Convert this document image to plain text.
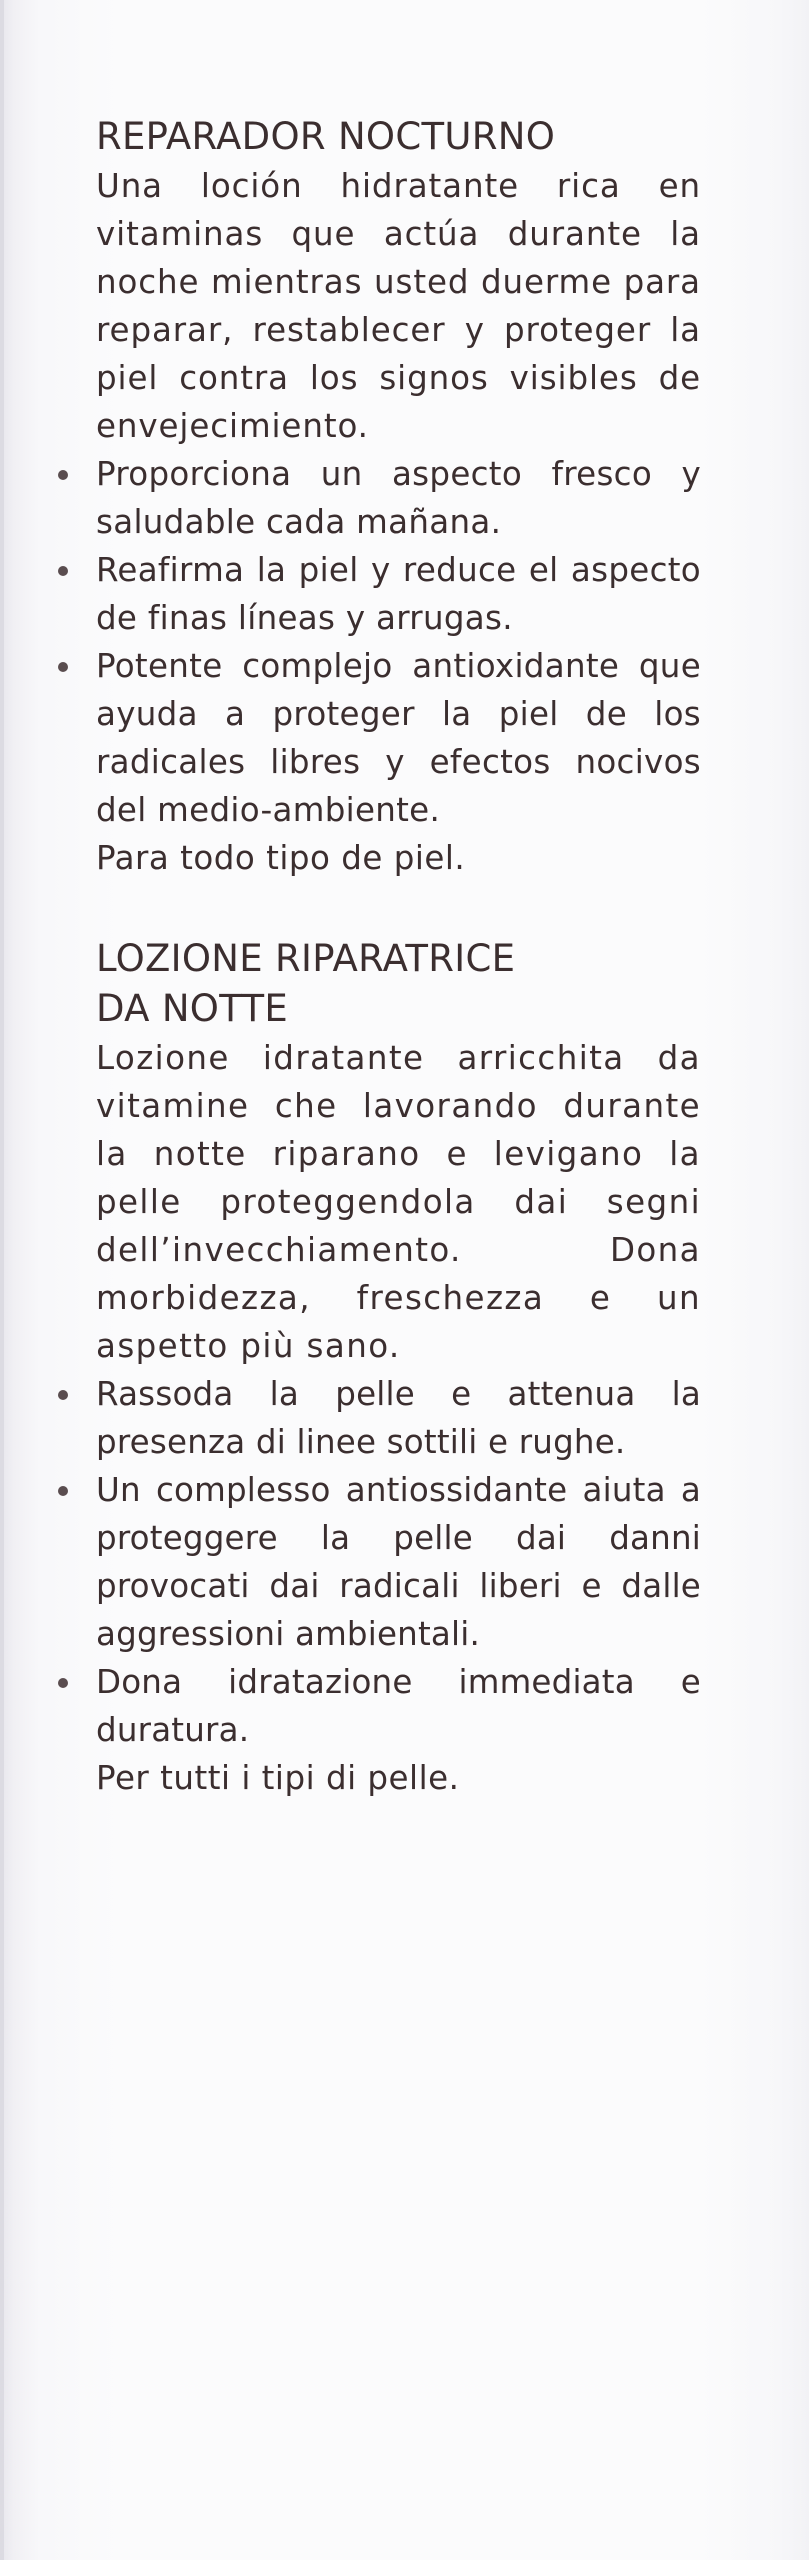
REPARADOR NOCTURNO

Una loción hidratante rica en vitaminas que actúa durante la noche mientras usted duerme para reparar, restablecer y proteger la piel contra los signos visibles de envejecimiento.

Proporciona un aspecto fresco y saludable cada mañana.
Reafirma la piel y reduce el aspecto de finas líneas y arrugas.
Potente complejo antioxidante que ayuda a proteger la piel de los radicales libres y efectos nocivos del medio-ambiente.

Para todo tipo de piel.

LOZIONE RIPARATRICE
DA NOTTE

Lozione idratante arricchita da vitamine che lavorando durante la notte riparano e levigano la pelle proteggendola dai segni dell’invecchiamento. Dona morbidezza, freschezza e un aspetto più sano.

Rassoda la pelle e attenua la presenza di linee sottili e rughe.
Un complesso antiossidante aiuta a proteggere la pelle dai danni provocati dai radicali liberi e dalle aggressioni ambientali.
Dona idratazione immediata e duratura.

Per tutti i tipi di pelle.
